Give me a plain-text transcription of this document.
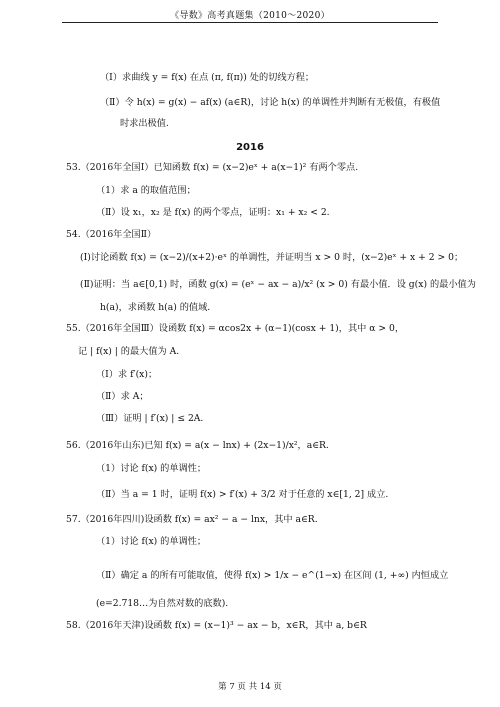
《导数》高考真题集（2010～2020）
（Ⅰ）求曲线 y = f(x) 在点 (π, f(π)) 处的切线方程；
（Ⅱ）令 h(x) = g(x) − af(x) (a∈R)，讨论 h(x) 的单调性并判断有无极值，有极值
时求出极值.
2016
53.（2016年全国Ⅰ）已知函数 f(x) = (x−2)eˣ + a(x−1)² 有两个零点.
（1）求 a 的取值范围；
（Ⅱ）设 x₁，x₂ 是 f(x) 的两个零点，证明：x₁ + x₂ < 2.
54.（2016年全国Ⅱ）
(Ⅰ)讨论函数 f(x) = (x−2)/(x+2)·eˣ 的单调性，并证明当 x > 0 时，(x−2)eˣ + x + 2 > 0；
(Ⅱ)证明：当 a∈[0,1) 时，函数 g(x) = (eˣ − ax − a)/x² (x > 0) 有最小值．设 g(x) 的最小值为
h(a)，求函数 h(a) 的值域.
55.（2016年全国Ⅲ）设函数 f(x) = αcos2x + (α−1)(cosx + 1)，其中 α > 0，
记 | f(x) | 的最大值为 A.
（Ⅰ）求 f′(x)；
（Ⅱ）求 A；
（Ⅲ）证明 | f′(x) | ≤ 2A.
56.（2016年山东)已知 f(x) = a(x − lnx) + (2x−1)/x²，a∈R.
（1）讨论 f(x) 的单调性；
（Ⅱ）当 a = 1 时，证明 f(x) > f′(x) + 3/2 对于任意的 x∈[1, 2] 成立.
57.（2016年四川)设函数 f(x) = ax² − a − lnx，其中 a∈R.
（1）讨论 f(x) 的单调性；
（Ⅱ）确定 a 的所有可能取值，使得 f(x) > 1/x − e^(1−x) 在区间 (1, +∞) 内恒成立
(e=2.718…为自然对数的底数).
58.（2016年天津)设函数 f(x) = (x−1)³ − ax − b，x∈R，其中 a, b∈R
第 7 页 共 14 页
